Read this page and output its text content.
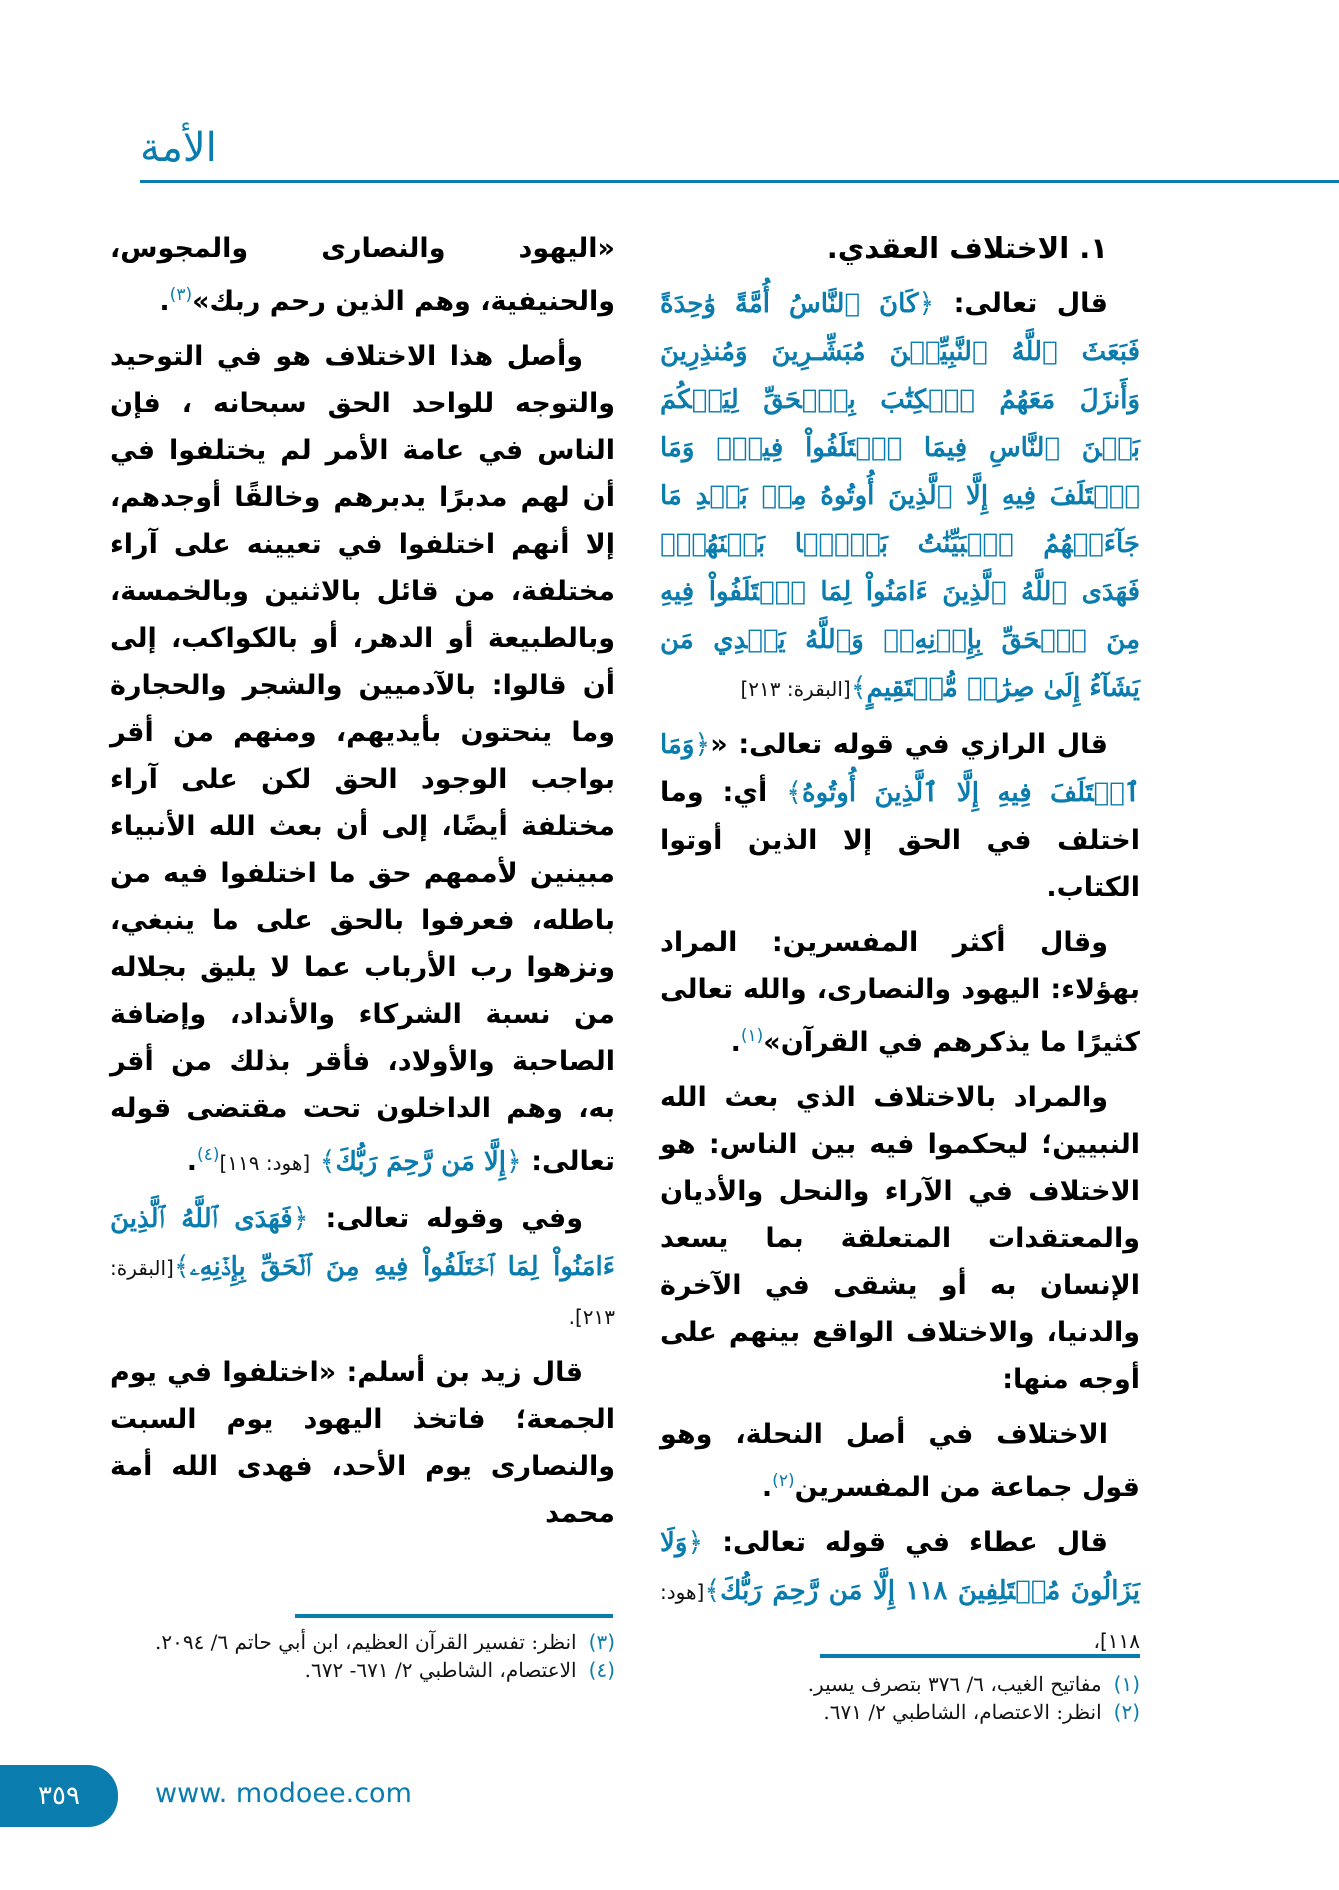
الأمة

١. الاختلاف العقدي.

قال تعالى: ﴿كَانَ ٱلنَّاسُ أُمَّةً وَٰحِدَةً فَبَعَثَ ٱللَّهُ ٱلنَّبِيِّـۧنَ مُبَشِّـرِينَ وَمُنذِرِينَ وَأَنزَلَ مَعَهُمُ ٱلۡكِتَٰبَ بِٱلۡحَقِّ لِيَحۡكُمَ بَيۡنَ ٱلنَّاسِ فِيمَا ٱخۡتَلَفُواْ فِيهِۚ وَمَا ٱخۡتَلَفَ فِيهِ إِلَّا ٱلَّذِينَ أُوتُوهُ مِنۢ بَعۡدِ مَا جَآءَتۡهُمُ ٱلۡبَيِّنَٰتُ بَغۡيَۢا بَيۡنَهُمۡۖ فَهَدَى ٱللَّهُ ٱلَّذِينَ ءَامَنُواْ لِمَا ٱخۡتَلَفُواْ فِيهِ مِنَ ٱلۡحَقِّ بِإِذۡنِهِۦۗ وَٱللَّهُ يَهۡدِي مَن يَشَآءُ إِلَىٰ صِرَٰطٖ مُّسۡتَقِيمٍ﴾[البقرة: ٢١٣]

قال الرازي في قوله تعالى: «﴿وَمَا ٱخۡتَلَفَ فِيهِ إِلَّا ٱلَّذِينَ أُوتُوهُ﴾ أي: وما اختلف في الحق إلا الذين أوتوا الكتاب.

وقال أكثر المفسرين: المراد بهؤلاء: اليهود والنصارى، والله تعالى كثيرًا ما يذكرهم في القرآن»$^{(١)}$.

والمراد بالاختلاف الذي بعث الله النبيين؛ ليحكموا فيه بين الناس: هو الاختلاف في الآراء والنحل والأديان والمعتقدات المتعلقة بما يسعد الإنسان به أو يشقى في الآخرة والدنيا، والاختلاف الواقع بينهم على أوجه منها:

الاختلاف في أصل النحلة، وهو قول جماعة من المفسرين$^{(٢)}$.

قال عطاء في قوله تعالى: ﴿وَلَا يَزَالُونَ مُخۡتَلِفِينَ ١١٨ إِلَّا مَن رَّحِمَ رَبُّكَ﴾[هود: ١١٨]،

(١)
مفاتيح الغيب، ٦/ ٣٧٦ بتصرف يسير.
(٢)
انظر: الاعتصام، الشاطبي ٢/ ٦٧١.

«اليهود والنصارى والمجوس، والحنيفية، وهم الذين رحم ربك»$^{(٣)}$.

وأصل هذا الاختلاف هو في التوحيد والتوجه للواحد الحق سبحانه ، فإن الناس في عامة الأمر لم يختلفوا في أن لهم مدبرًا يدبرهم وخالقًا أوجدهم، إلا أنهم اختلفوا في تعيينه على آراء مختلفة، من قائل بالاثنين وبالخمسة، وبالطبيعة أو الدهر، أو بالكواكب، إلى أن قالوا: بالآدميين والشجر والحجارة وما ينحتون بأيديهم، ومنهم من أقر بواجب الوجود الحق لكن على آراء مختلفة أيضًا، إلى أن بعث الله الأنبياء مبينين لأممهم حق ما اختلفوا فيه من باطله، فعرفوا بالحق على ما ينبغي، ونزهوا رب الأرباب عما لا يليق بجلاله من نسبة الشركاء والأنداد، وإضافة الصاحبة والأولاد، فأقر بذلك من أقر به، وهم الداخلون تحت مقتضى قوله تعالى: ﴿إِلَّا مَن رَّحِمَ رَبُّكَ﴾ [هود: ١١٩]$^{(٤)}$.

وفي وقوله تعالى: ﴿فَهَدَى ٱللَّهُ ٱلَّذِينَ ءَامَنُواْ لِمَا ٱخۡتَلَفُواْ فِيهِ مِنَ ٱلۡحَقِّ بِإِذۡنِهِۦ﴾[البقرة: ٢١٣].

قال زيد بن أسلم: «اختلفوا في يوم الجمعة؛ فاتخذ اليهود يوم السبت والنصارى يوم الأحد، فهدى الله أمة محمد

(٣)
انظر: تفسير القرآن العظيم، ابن أبي حاتم ٦/ ٢٠٩٤.
(٤)
الاعتصام، الشاطبي ٢/ ٦٧١- ٦٧٢.
٣٥٩	www. modoee.com
